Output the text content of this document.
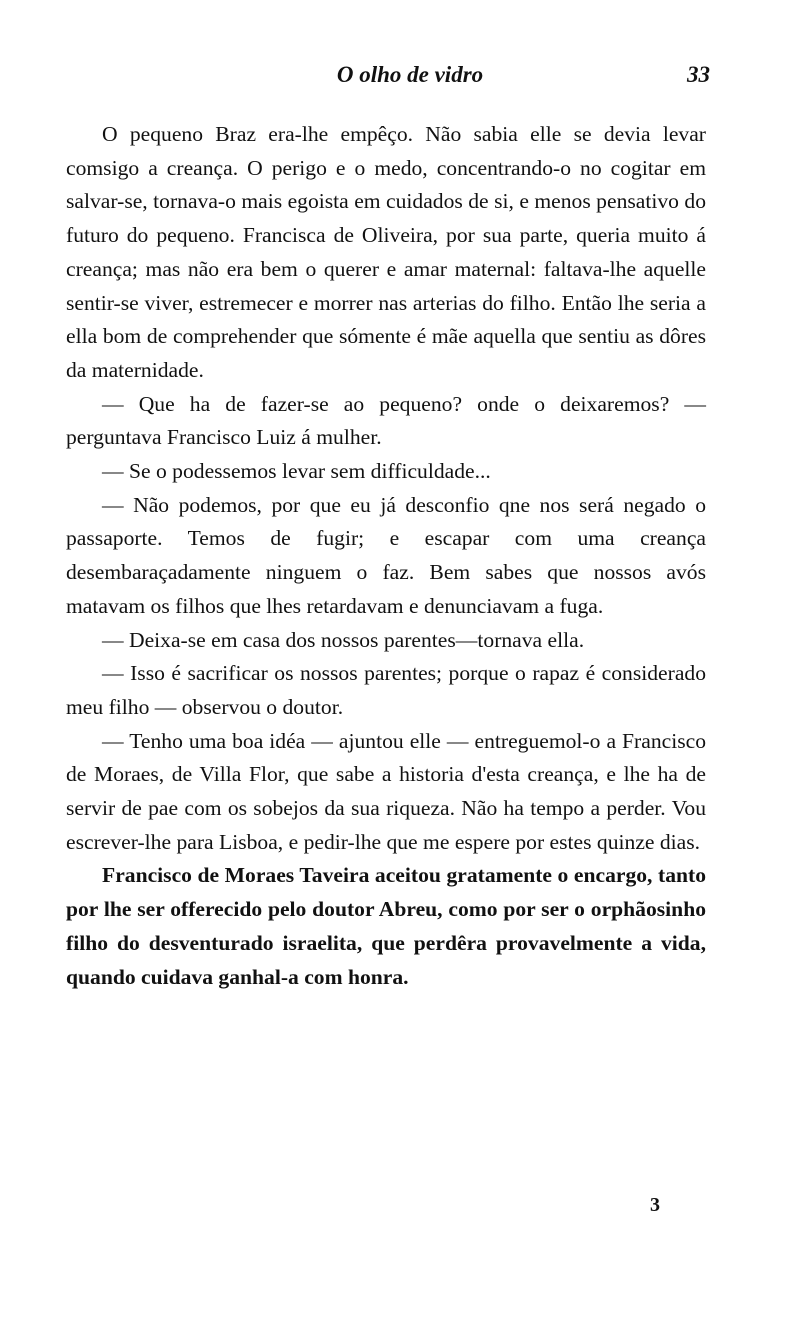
O olho de vidro	33

O pequeno Braz era-lhe empêço. Não sabia elle se devia levar comsigo a creança. O perigo e o medo, concentrando-o no cogitar em salvar-se, tornava-o mais egoista em cuidados de si, e menos pensativo do futuro do pequeno. Francisca de Oliveira, por sua parte, queria muito á creança; mas não era bem o querer e amar maternal: faltava-lhe aquelle sentir-se viver, estremecer e morrer nas arterias do filho. Então lhe seria a ella bom de comprehender que sómente é mãe aquella que sentiu as dôres da maternidade.

— Que ha de fazer-se ao pequeno? onde o deixaremos? — perguntava Francisco Luiz á mulher.

— Se o podessemos levar sem difficuldade...

— Não podemos, por que eu já desconfio qne nos será negado o passaporte. Temos de fugir; e escapar com uma creança desembaraçadamente ninguem o faz. Bem sabes que nossos avós matavam os filhos que lhes retardavam e denunciavam a fuga.

— Deixa-se em casa dos nossos parentes—tornava ella.

— Isso é sacrificar os nossos parentes; porque o rapaz é considerado meu filho — observou o doutor.

— Tenho uma boa idéa — ajuntou elle — entreguemol-o a Francisco de Moraes, de Villa Flor, que sabe a historia d'esta creança, e lhe ha de servir de pae com os sobejos da sua riqueza. Não ha tempo a perder. Vou escrever-lhe para Lisboa, e pedir-lhe que me espere por estes quinze dias.

Francisco de Moraes Taveira aceitou gratamente o encargo, tanto por lhe ser offerecido pelo doutor Abreu, como por ser o orphãosinho filho do desventurado israelita, que perdêra provavelmente a vida, quando cuidava ganhal-a com honra.

3
